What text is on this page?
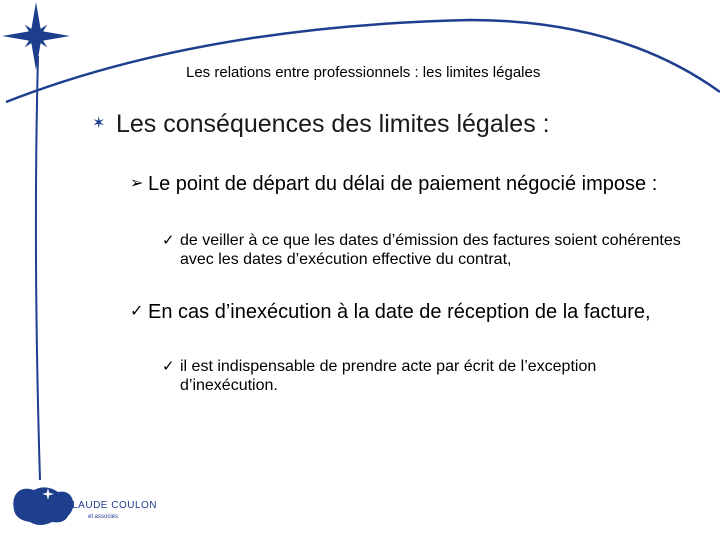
Les relations entre professionnels : les limites légales
✶ Les conséquences des limites légales :
➢ Le point de départ du délai de paiement négocié impose :
✓ de veiller à ce que les dates d’émission des factures soient cohérentes avec les dates d’exécution effective du contrat,
✓ En cas d’inexécution à la date de réception de la facture,
✓ il est indispensable de prendre acte par écrit de l’exception d’inexécution.
JEAN-CLAUDE COULON
et associés
